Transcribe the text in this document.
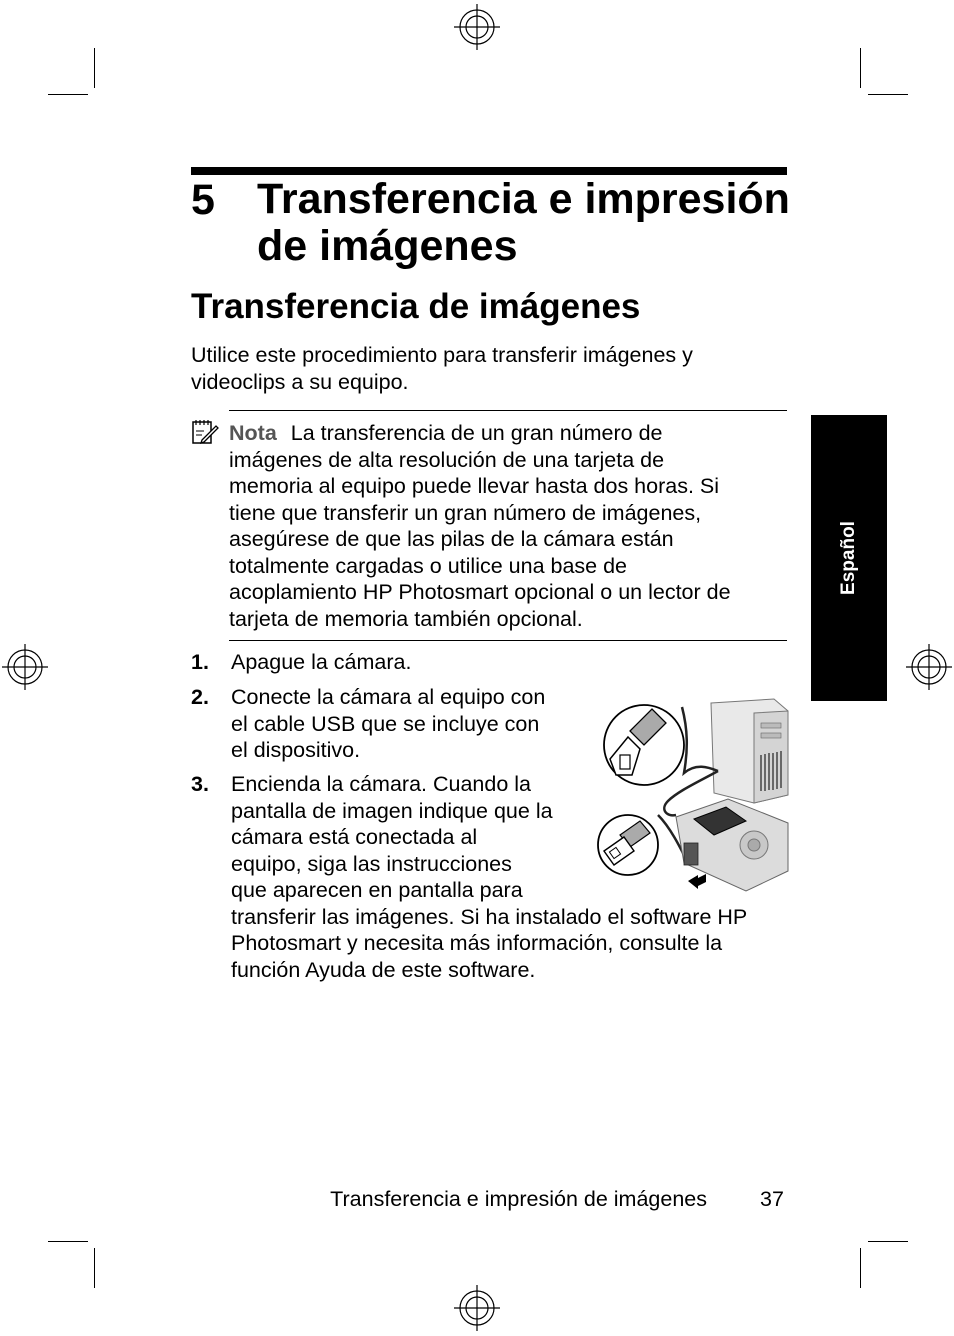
5 Transferencia e impresión
de imágenes
Transferencia de imágenes
Utilice este procedimiento para transferir imágenes y
videoclips a su equipo.
Nota La transferencia de un gran número de
imágenes de alta resolución de una tarjeta de
memoria al equipo puede llevar hasta dos horas. Si
tiene que transferir un gran número de imágenes,
asegúrese de que las pilas de la cámara están
totalmente cargadas o utilice una base de
acoplamiento HP Photosmart opcional o un lector de
tarjeta de memoria también opcional.
1. Apague la cámara.
2. Conecte la cámara al equipo con
el cable USB que se incluye con
el dispositivo.
3. Encienda la cámara. Cuando la
pantalla de imagen indique que la
cámara está conectada al
equipo, siga las instrucciones
que aparecen en pantalla para
transferir las imágenes. Si ha instalado el software HP
Photosmart y necesita más información, consulte la
función Ayuda de este software.
Español
Transferencia e impresión de imágenes 37
